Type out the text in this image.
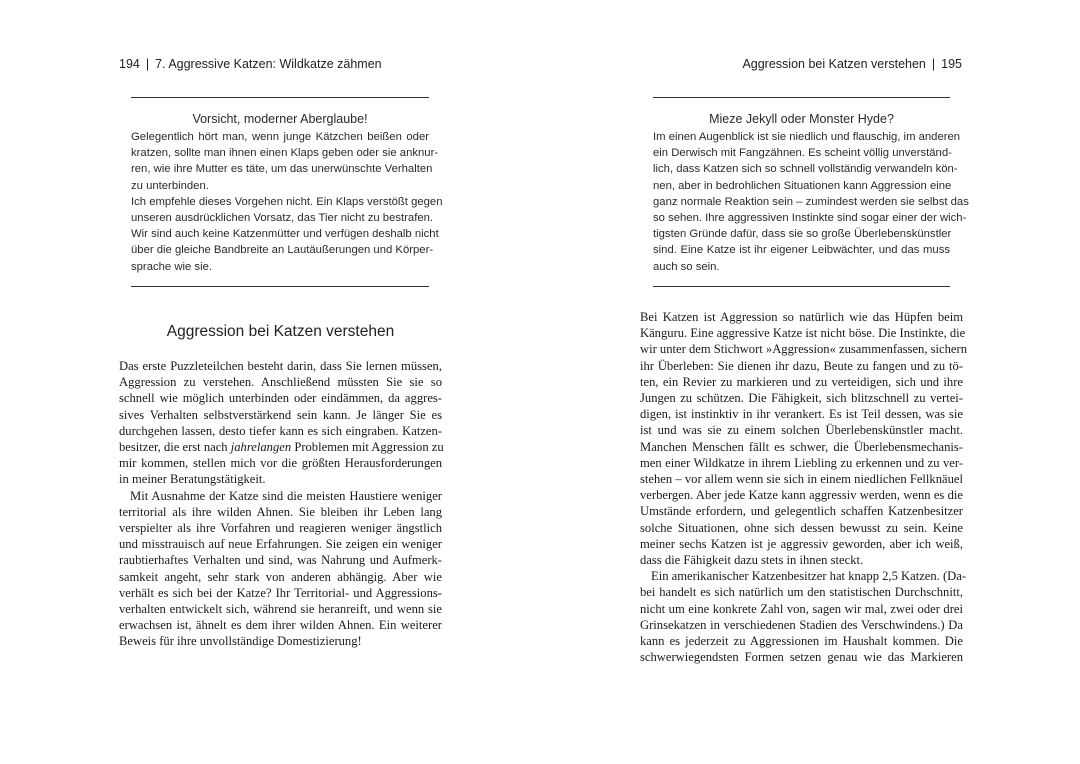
194 | 7. Aggressive Katzen: Wildkatze zähmen
Vorsicht, moderner Aberglaube!
Gelegentlich hört man, wenn junge Kätzchen beißen oder
kratzen, sollte man ihnen einen Klaps geben oder sie anknur-
ren, wie ihre Mutter es täte, um das unerwünschte Verhalten
zu unterbinden.
Ich empfehle dieses Vorgehen nicht. Ein Klaps verstößt gegen
unseren ausdrücklichen Vorsatz, das Tier nicht zu bestrafen.
Wir sind auch keine Katzenmütter und verfügen deshalb nicht
über die gleiche Bandbreite an Lautäußerungen und Körper-
sprache wie sie.
Aggression bei Katzen verstehen
Das erste Puzzleteilchen besteht darin, dass Sie lernen müssen,
Aggression zu verstehen. Anschließend müssten Sie sie so
schnell wie möglich unterbinden oder eindämmen, da aggres-
sives Verhalten selbstverstärkend sein kann. Je länger Sie es
durchgehen lassen, desto tiefer kann es sich eingraben. Katzen-
besitzer, die erst nach jahrelangen Problemen mit Aggression zu
mir kommen, stellen mich vor die größten Herausforderungen
in meiner Beratungstätigkeit.
Mit Ausnahme der Katze sind die meisten Haustiere weniger
territorial als ihre wilden Ahnen. Sie bleiben ihr Leben lang
verspielter als ihre Vorfahren und reagieren weniger ängstlich
und misstrauisch auf neue Erfahrungen. Sie zeigen ein weniger
raubtierhaftes Verhalten und sind, was Nahrung und Aufmerk-
samkeit angeht, sehr stark von anderen abhängig. Aber wie
verhält es sich bei der Katze? Ihr Territorial- und Aggressions-
verhalten entwickelt sich, während sie heranreift, und wenn sie
erwachsen ist, ähnelt es dem ihrer wilden Ahnen. Ein weiterer
Beweis für ihre unvollständige Domestizierung!
Aggression bei Katzen verstehen | 195
Mieze Jekyll oder Monster Hyde?
Im einen Augenblick ist sie niedlich und flauschig, im anderen
ein Derwisch mit Fangzähnen. Es scheint völlig unverständ-
lich, dass Katzen sich so schnell vollständig verwandeln kön-
nen, aber in bedrohlichen Situationen kann Aggression eine
ganz normale Reaktion sein – zumindest werden sie selbst das
so sehen. Ihre aggressiven Instinkte sind sogar einer der wich-
tigsten Gründe dafür, dass sie so große Überlebenskünstler
sind. Eine Katze ist ihr eigener Leibwächter, und das muss
auch so sein.
Bei Katzen ist Aggression so natürlich wie das Hüpfen beim
Känguru. Eine aggressive Katze ist nicht böse. Die Instinkte, die
wir unter dem Stichwort »Aggression« zusammenfassen, sichern
ihr Überleben: Sie dienen ihr dazu, Beute zu fangen und zu tö-
ten, ein Revier zu markieren und zu verteidigen, sich und ihre
Jungen zu schützen. Die Fähigkeit, sich blitzschnell zu vertei-
digen, ist instinktiv in ihr verankert. Es ist Teil dessen, was sie
ist und was sie zu einem solchen Überlebenskünstler macht.
Manchen Menschen fällt es schwer, die Überlebensmechanis-
men einer Wildkatze in ihrem Liebling zu erkennen und zu ver-
stehen – vor allem wenn sie sich in einem niedlichen Fellknäuel
verbergen. Aber jede Katze kann aggressiv werden, wenn es die
Umstände erfordern, und gelegentlich schaffen Katzenbesitzer
solche Situationen, ohne sich dessen bewusst zu sein. Keine
meiner sechs Katzen ist je aggressiv geworden, aber ich weiß,
dass die Fähigkeit dazu stets in ihnen steckt.
Ein amerikanischer Katzenbesitzer hat knapp 2,5 Katzen. (Da-
bei handelt es sich natürlich um den statistischen Durchschnitt,
nicht um eine konkrete Zahl von, sagen wir mal, zwei oder drei
Grinsekatzen in verschiedenen Stadien des Verschwindens.) Da
kann es jederzeit zu Aggressionen im Haushalt kommen. Die
schwerwiegendsten Formen setzen genau wie das Markieren
